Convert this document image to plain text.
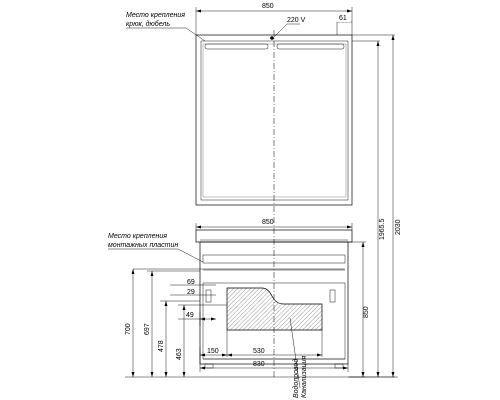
850
61
220 V
Место крепления
крюк, дюбель
2030
1965.5
850
Место крепления
монтажных пластин
69
29
49
150	530
830
850
700 697
478
463
Водопровод Канализация
